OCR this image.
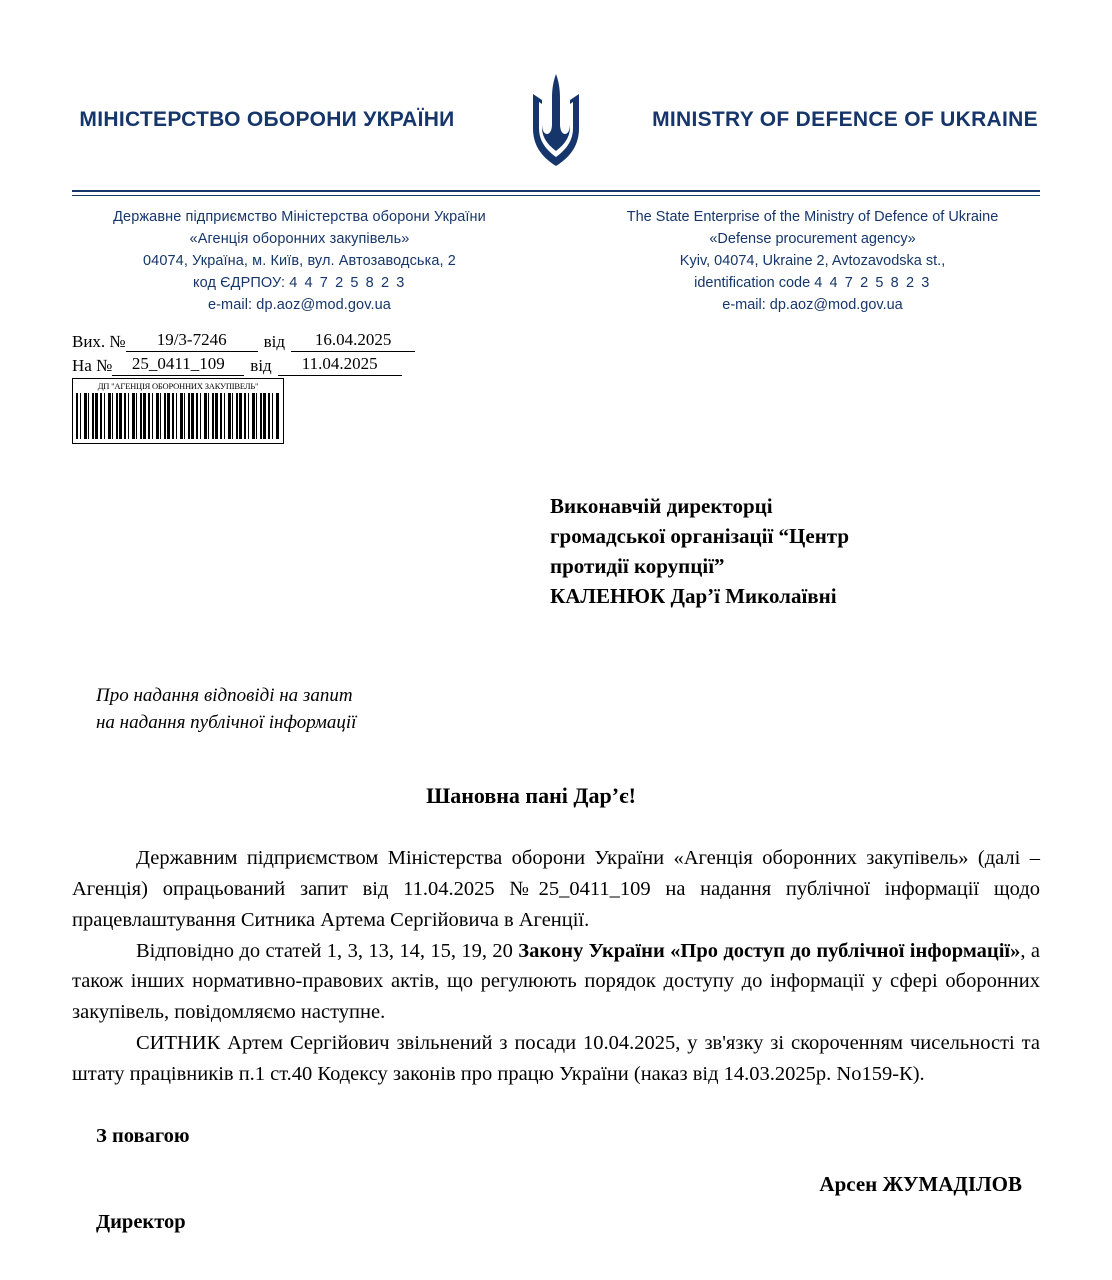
МІНІСТЕРСТВО ОБОРОНИ УКРАЇНИ	MINISTRY OF DEFENCE OF UKRAINE
Державне підприємство Міністерства оборони України
«Агенція оборонних закупівель»
04074, Україна, м. Київ, вул. Автозаводська, 2
код ЄДРПОУ: 4 4 7 2 5 8 2 3
e-mail: dp.aoz@mod.gov.ua
The State Enterprise of the Ministry of Defence of Ukraine
«Defense procurement agency»
Kyiv, 04074, Ukraine 2, Avtozavodska st.,
identification code 4 4 7 2 5 8 2 3
e-mail: dp.aoz@mod.gov.ua
Вих. №	19/3-7246	від	16.04.2025
На №	25_0411_109	від	11.04.2025
ДП "АГЕНЦІЯ ОБОРОННИХ ЗАКУПІВЕЛЬ"
Виконавчій директорці
громадської організації “Центр
протидії корупції”
КАЛЕНЮК Дар’ї Миколаївні
Про надання відповіді на запит
на надання публічної інформації
Шановна пані Дар’є!

Державним підприємством Міністерства оборони України «Агенція оборонних закупівель» (далі – Агенція) опрацьований запит від 11.04.2025 №25_0411_109 на надання публічної інформації щодо працевлаштування Ситника Артема Сергійовича в Агенції.

Відповідно до статей 1, 3, 13, 14, 15, 19, 20 Закону України «Про доступ до публічної інформації», а також інших нормативно-правових актів, що регулюють порядок доступу до інформації у сфері оборонних закупівель, повідомляємо наступне.

СИТНИК Артем Сергійович звільнений з посади 10.04.2025, у зв'язку зі скороченням чисельності та штату працівників п.1 ст.40 Кодексу законів про працю України (наказ від 14.03.2025р. No159-К).

З повагою
Арсен ЖУМАДІЛОВ
Директор
